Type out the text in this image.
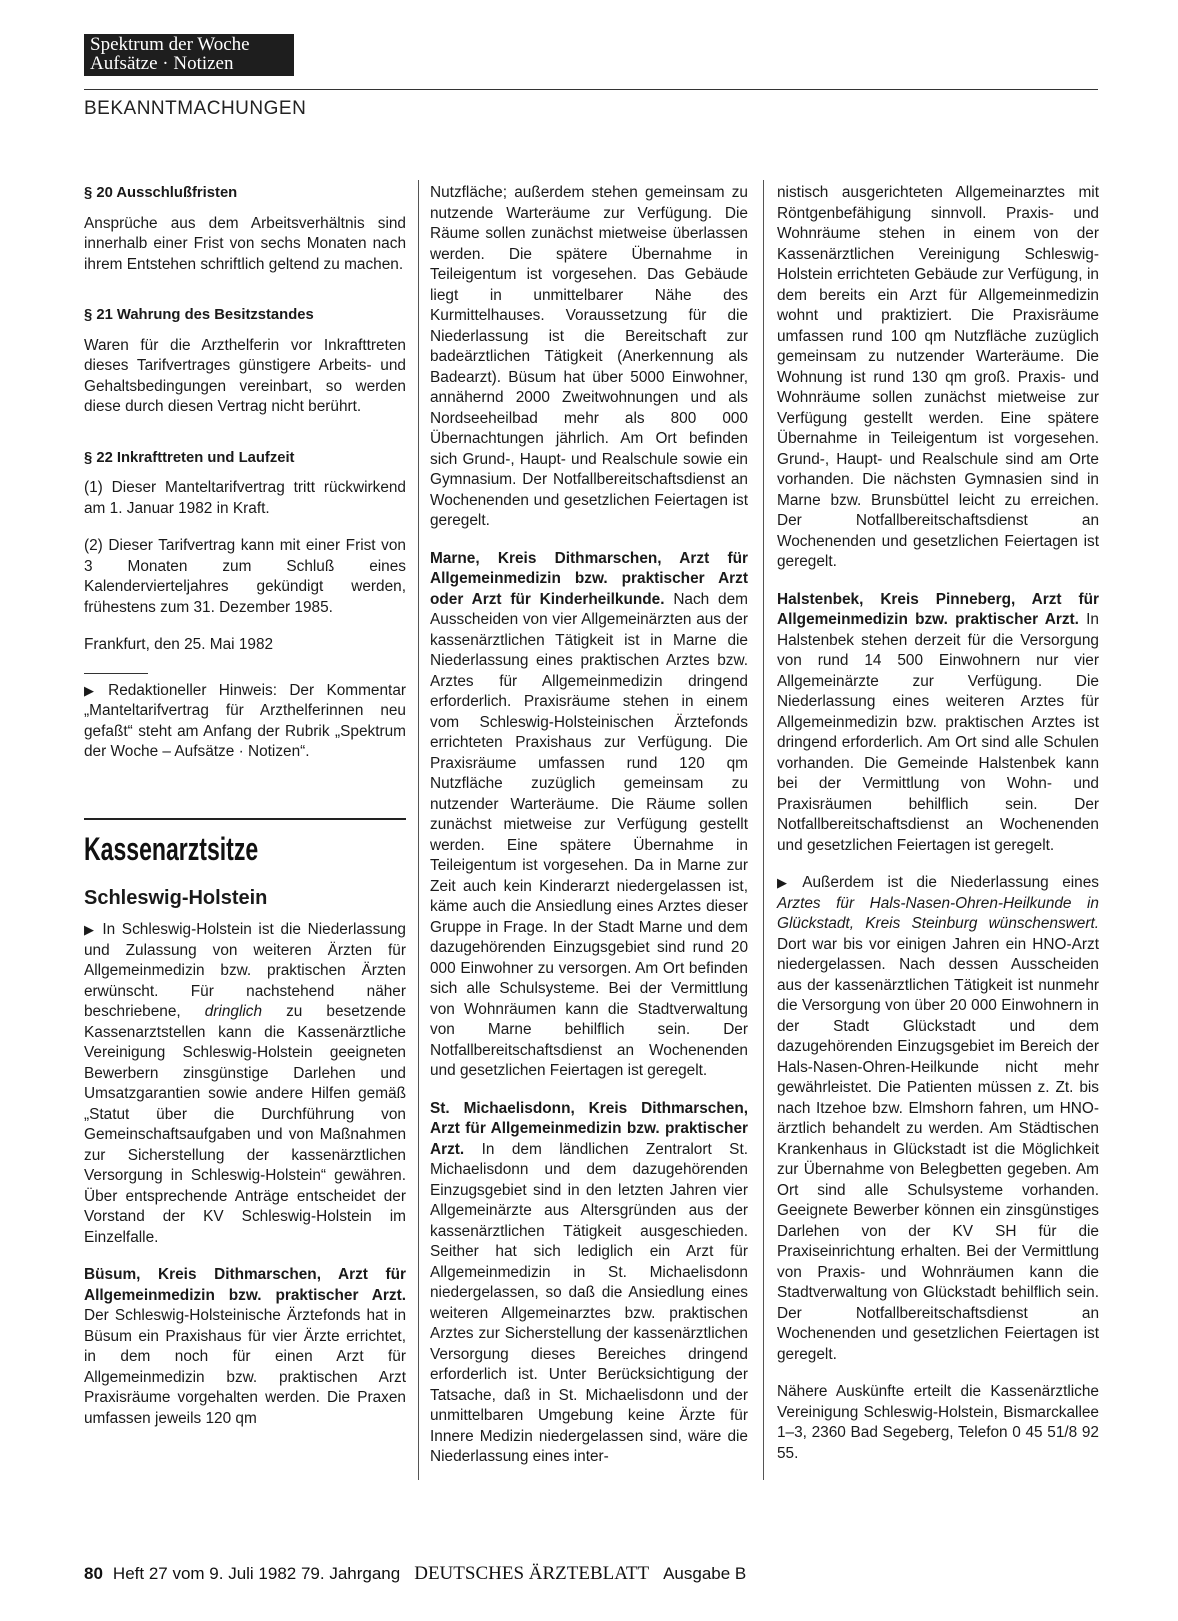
Spektrum der Woche
Aufsätze · Notizen
BEKANNTMACHUNGEN
§ 20 Ausschlußfristen

Ansprüche aus dem Arbeitsverhältnis sind innerhalb einer Frist von sechs Monaten nach ihrem Entstehen schriftlich geltend zu machen.

§ 21 Wahrung des Besitzstandes

Waren für die Arzthelferin vor Inkrafttreten dieses Tarifvertrages günstigere Arbeits- und Gehaltsbedingungen vereinbart, so werden diese durch diesen Vertrag nicht berührt.

§ 22 Inkrafttreten und Laufzeit

(1) Dieser Manteltarifvertrag tritt rückwirkend am 1. Januar 1982 in Kraft.

(2) Dieser Tarifvertrag kann mit einer Frist von 3 Monaten zum Schluß eines Kalendervierteljahres gekündigt werden, frühestens zum 31. Dezember 1985.

Frankfurt, den 25. Mai 1982

▶ Redaktioneller Hinweis: Der Kommentar „Manteltarifvertrag für Arzthelferinnen neu gefaßt“ steht am Anfang der Rubrik „Spektrum der Woche – Aufsätze · Notizen“.

Kassenarztsitze
Schleswig-Holstein

▶ In Schleswig-Holstein ist die Niederlassung und Zulassung von weiteren Ärzten für Allgemeinmedizin bzw. praktischen Ärzten erwünscht. Für nachstehend näher beschriebene, dringlich zu besetzende Kassenarztstellen kann die Kassenärztliche Vereinigung Schleswig-Holstein geeigneten Bewerbern zinsgünstige Darlehen und Umsatzgarantien sowie andere Hilfen gemäß „Statut über die Durchführung von Gemeinschaftsaufgaben und von Maßnahmen zur Sicherstellung der kassenärztlichen Versorgung in Schleswig-Holstein“ gewähren. Über entsprechende Anträge entscheidet der Vorstand der KV Schleswig-Holstein im Einzelfalle.

Büsum, Kreis Dithmarschen, Arzt für Allgemeinmedizin bzw. praktischer Arzt. Der Schleswig-Holsteinische Ärztefonds hat in Büsum ein Praxishaus für vier Ärzte errichtet, in dem noch für einen Arzt für Allgemeinmedizin bzw. praktischen Arzt Praxisräume vorgehalten werden. Die Praxen umfassen jeweils 120 qm

Nutzfläche; außerdem stehen gemeinsam zu nutzende Warteräume zur Verfügung. Die Räume sollen zunächst mietweise überlassen werden. Die spätere Übernahme in Teileigentum ist vorgesehen. Das Gebäude liegt in unmittelbarer Nähe des Kurmittelhauses. Voraussetzung für die Niederlassung ist die Bereitschaft zur badeärztlichen Tätigkeit (Anerkennung als Badearzt). Büsum hat über 5000 Einwohner, annähernd 2000 Zweitwohnungen und als Nordseeheilbad mehr als 800 000 Übernachtungen jährlich. Am Ort befinden sich Grund-, Haupt- und Realschule sowie ein Gymnasium. Der Notfallbereitschaftsdienst an Wochenenden und gesetzlichen Feiertagen ist geregelt.

Marne, Kreis Dithmarschen, Arzt für Allgemeinmedizin bzw. praktischer Arzt oder Arzt für Kinderheilkunde. Nach dem Ausscheiden von vier Allgemeinärzten aus der kassenärztlichen Tätigkeit ist in Marne die Niederlassung eines praktischen Arztes bzw. Arztes für Allgemeinmedizin dringend erforderlich. Praxisräume stehen in einem vom Schleswig-Holsteinischen Ärztefonds errichteten Praxishaus zur Verfügung. Die Praxisräume umfassen rund 120 qm Nutzfläche zuzüglich gemeinsam zu nutzender Warteräume. Die Räume sollen zunächst mietweise zur Verfügung gestellt werden. Eine spätere Übernahme in Teileigentum ist vorgesehen. Da in Marne zur Zeit auch kein Kinderarzt niedergelassen ist, käme auch die Ansiedlung eines Arztes dieser Gruppe in Frage. In der Stadt Marne und dem dazugehörenden Einzugsgebiet sind rund 20 000 Einwohner zu versorgen. Am Ort befinden sich alle Schulsysteme. Bei der Vermittlung von Wohnräumen kann die Stadtverwaltung von Marne behilflich sein. Der Notfallbereitschaftsdienst an Wochenenden und gesetzlichen Feiertagen ist geregelt.

St. Michaelisdonn, Kreis Dithmarschen, Arzt für Allgemeinmedizin bzw. praktischer Arzt. In dem ländlichen Zentralort St. Michaelisdonn und dem dazugehörenden Einzugsgebiet sind in den letzten Jahren vier Allgemeinärzte aus Altersgründen aus der kassenärztlichen Tätigkeit ausgeschieden. Seither hat sich lediglich ein Arzt für Allgemeinmedizin in St. Michaelisdonn niedergelassen, so daß die Ansiedlung eines weiteren Allgemeinarztes bzw. praktischen Arztes zur Sicherstellung der kassenärztlichen Versorgung dieses Bereiches dringend erforderlich ist. Unter Berücksichtigung der Tatsache, daß in St. Michaelisdonn und der unmittelbaren Umgebung keine Ärzte für Innere Medizin niedergelassen sind, wäre die Niederlassung eines inter-

nistisch ausgerichteten Allgemeinarztes mit Röntgenbefähigung sinnvoll. Praxis- und Wohnräume stehen in einem von der Kassenärztlichen Vereinigung Schleswig-Holstein errichteten Gebäude zur Verfügung, in dem bereits ein Arzt für Allgemeinmedizin wohnt und praktiziert. Die Praxisräume umfassen rund 100 qm Nutzfläche zuzüglich gemeinsam zu nutzender Warteräume. Die Wohnung ist rund 130 qm groß. Praxis- und Wohnräume sollen zunächst mietweise zur Verfügung gestellt werden. Eine spätere Übernahme in Teileigentum ist vorgesehen. Grund-, Haupt- und Realschule sind am Orte vorhanden. Die nächsten Gymnasien sind in Marne bzw. Brunsbüttel leicht zu erreichen. Der Notfallbereitschaftsdienst an Wochenenden und gesetzlichen Feiertagen ist geregelt.

Halstenbek, Kreis Pinneberg, Arzt für Allgemeinmedizin bzw. praktischer Arzt. In Halstenbek stehen derzeit für die Versorgung von rund 14 500 Einwohnern nur vier Allgemeinärzte zur Verfügung. Die Niederlassung eines weiteren Arztes für Allgemeinmedizin bzw. praktischen Arztes ist dringend erforderlich. Am Ort sind alle Schulen vorhanden. Die Gemeinde Halstenbek kann bei der Vermittlung von Wohn- und Praxisräumen behilflich sein. Der Notfallbereitschaftsdienst an Wochenenden und gesetzlichen Feiertagen ist geregelt.

▶ Außerdem ist die Niederlassung eines Arztes für Hals-Nasen-Ohren-Heilkunde in Glückstadt, Kreis Steinburg wünschenswert. Dort war bis vor einigen Jahren ein HNO-Arzt niedergelassen. Nach dessen Ausscheiden aus der kassenärztlichen Tätigkeit ist nunmehr die Versorgung von über 20 000 Einwohnern in der Stadt Glückstadt und dem dazugehörenden Einzugsgebiet im Bereich der Hals-Nasen-Ohren-Heilkunde nicht mehr gewährleistet. Die Patienten müssen z. Zt. bis nach Itzehoe bzw. Elmshorn fahren, um HNO-ärztlich behandelt zu werden. Am Städtischen Krankenhaus in Glückstadt ist die Möglichkeit zur Übernahme von Belegbetten gegeben. Am Ort sind alle Schulsysteme vorhanden. Geeignete Bewerber können ein zinsgünstiges Darlehen von der KV SH für die Praxiseinrichtung erhalten. Bei der Vermittlung von Praxis- und Wohnräumen kann die Stadtverwaltung von Glückstadt behilflich sein. Der Notfallbereitschaftsdienst an Wochenenden und gesetzlichen Feiertagen ist geregelt.

Nähere Auskünfte erteilt die Kassenärztliche Vereinigung Schleswig-Holstein, Bismarckallee 1–3, 2360 Bad Segeberg, Telefon 0 45 51/8 92 55.

80 Heft 27 vom 9. Juli 1982 79. Jahrgang DEUTSCHES ÄRZTEBLATT Ausgabe B
